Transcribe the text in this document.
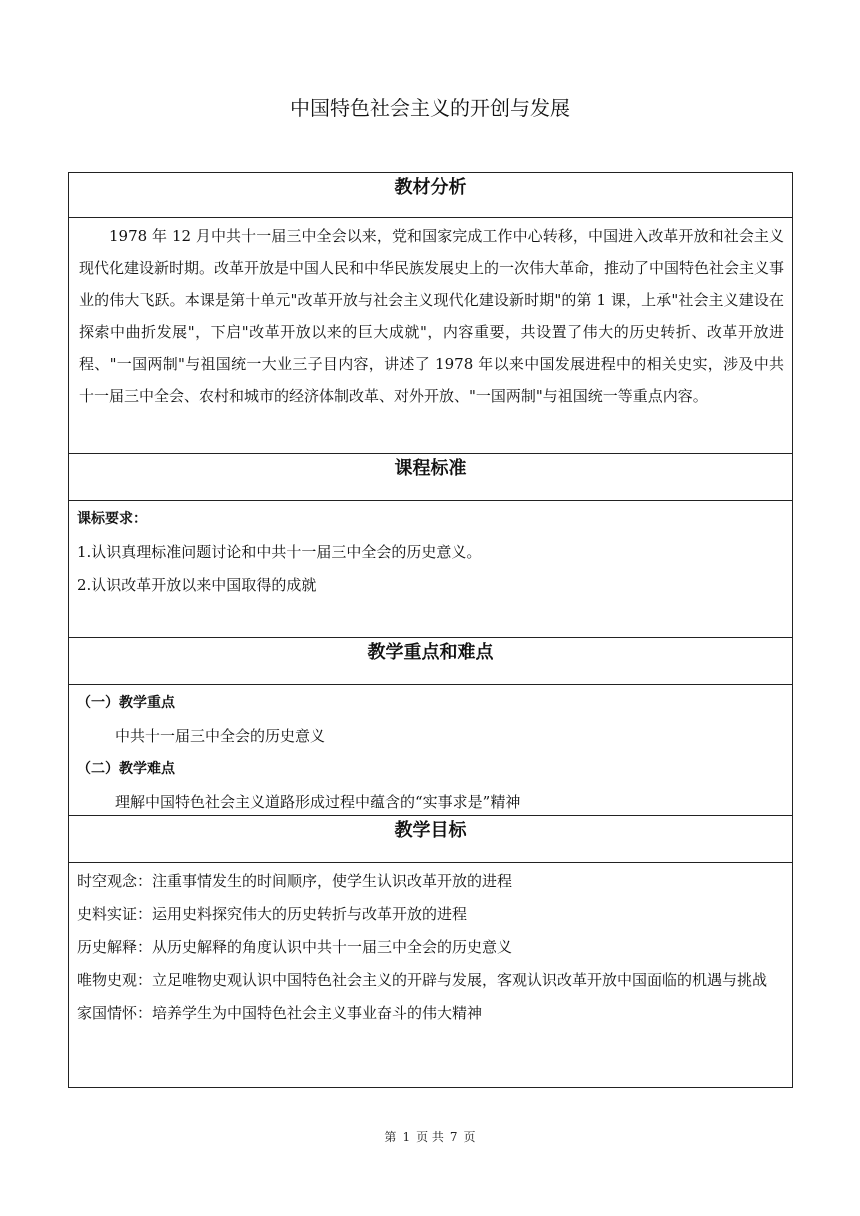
中国特色社会主义的开创与发展
教材分析

1978 年 12 月中共十一届三中全会以来，党和国家完成工作中心转移，中国进入改革开放和社会主义现代化建设新时期。改革开放是中国人民和中华民族发展史上的一次伟大革命，推动了中国特色社会主义事业的伟大飞跃。本课是第十单元"改革开放与社会主义现代化建设新时期"的第 1 课，上承"社会主义建设在探索中曲折发展"，下启"改革开放以来的巨大成就"，内容重要，共设置了伟大的历史转折、改革开放进程、"一国两制"与祖国统一大业三子目内容，讲述了 1978 年以来中国发展进程中的相关史实，涉及中共十一届三中全会、农村和城市的经济体制改革、对外开放、"一国两制"与祖国统一等重点内容。

课程标准

课标要求：
1.认识真理标准问题讨论和中共十一届三中全会的历史意义。
2.认识改革开放以来中国取得的成就

教学重点和难点

（一）教学重点
中共十一届三中全会的历史意义
（二）教学难点
理解中国特色社会主义道路形成过程中蕴含的“实事求是”精神

教学目标

时空观念：注重事情发生的时间顺序，使学生认识改革开放的进程
史料实证：运用史料探究伟大的历史转折与改革开放的进程
历史解释：从历史解释的角度认识中共十一届三中全会的历史意义
唯物史观：立足唯物史观认识中国特色社会主义的开辟与发展，客观认识改革开放中国面临的机遇与挑战
家国情怀：培养学生为中国特色社会主义事业奋斗的伟大精神
第 1 页 共 7 页
